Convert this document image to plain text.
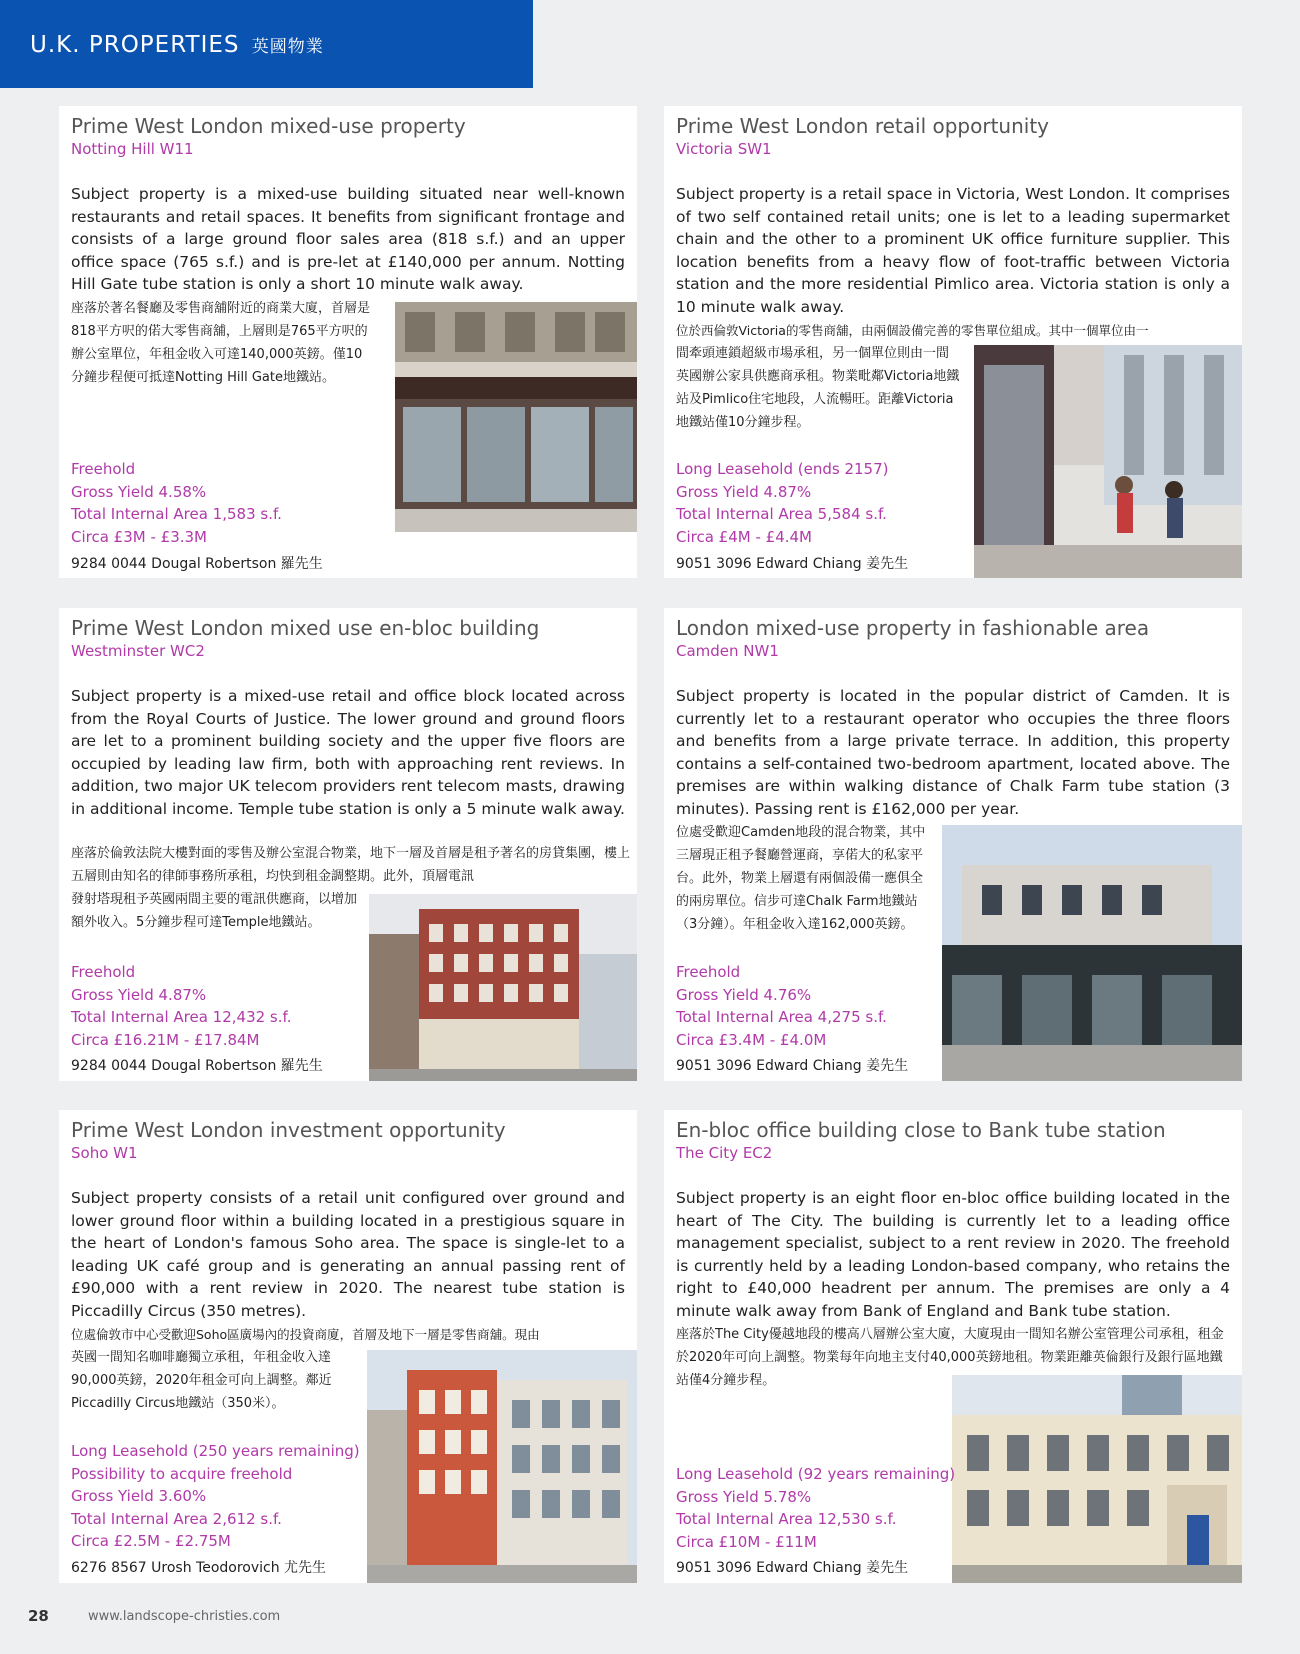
U.K. PROPERTIES 英國物業
Prime West London mixed-use property
Notting Hill W11

Subject property is a mixed-use building situated near well-known restaurants and retail spaces. It benefits from significant frontage and consists of a large ground floor sales area (818 s.f.) and an upper office space (765 s.f.) and is pre-let at £140,000 per annum. Notting Hill Gate tube station is only a short 10 minute walk away.

座落於著名餐廳及零售商舖附近的商業大廈，首層是818平方呎的偌大零售商舖，上層則是765平方呎的辦公室單位，年租金收入可達140,000英鎊。僅10分鐘步程便可抵達Notting Hill Gate地鐵站。

Freehold
Gross Yield 4.58%
Total Internal Area 1,583 s.f.
Circa £3M - £3.3M
9284 0044 Dougal Robertson 羅先生
Prime West London retail opportunity
Victoria SW1

Subject property is a retail space in Victoria, West London. It comprises of two self contained retail units; one is let to a leading supermarket chain and the other to a prominent UK office furniture supplier. This location benefits from a heavy flow of foot-traffic between Victoria station and the more residential Pimlico area. Victoria station is only a 10 minute walk away.

位於西倫敦Victoria的零售商舖，由兩個設備完善的零售單位組成。其中一個單位由一

間牽頭連鎖超級市場承租，另一個單位則由一間英國辦公家具供應商承租。物業毗鄰Victoria地鐵站及Pimlico住宅地段，人流暢旺。距離Victoria地鐵站僅10分鐘步程。

Long Leasehold (ends 2157)
Gross Yield 4.87%
Total Internal Area 5,584 s.f.
Circa £4M - £4.4M
9051 3096 Edward Chiang 姜先生
Prime West London mixed use en-bloc building
Westminster WC2

Subject property is a mixed-use retail and office block located across from the Royal Courts of Justice. The lower ground and ground floors are let to a prominent building society and the upper five floors are occupied by leading law firm, both with approaching rent reviews. In addition, two major UK telecom providers rent telecom masts, drawing in additional income. Temple tube station is only a 5 minute walk away.

座落於倫敦法院大樓對面的零售及辦公室混合物業，地下一層及首層是租予著名的房貸集團，樓上五層則由知名的律師事務所承租，均快到租金調整期。此外，頂層電訊

發射塔現租予英國兩間主要的電訊供應商，以增加額外收入。5分鐘步程可達Temple地鐵站。

Freehold
Gross Yield 4.87%
Total Internal Area 12,432 s.f.
Circa £16.21M - £17.84M
9284 0044 Dougal Robertson 羅先生
London mixed-use property in fashionable area
Camden NW1

Subject property is located in the popular district of Camden. It is currently let to a restaurant operator who occupies the three floors and benefits from a large private terrace. In addition, this property contains a self-contained two-bedroom apartment, located above. The premises are within walking distance of Chalk Farm tube station (3 minutes). Passing rent is £162,000 per year.

位處受歡迎Camden地段的混合物業，其中三層現正租予餐廳營運商，享偌大的私家平台。此外，物業上層還有兩個設備一應俱全的兩房單位。信步可達Chalk Farm地鐵站（3分鐘）。年租金收入達162,000英鎊。

Freehold
Gross Yield 4.76%
Total Internal Area 4,275 s.f.
Circa £3.4M - £4.0M
9051 3096 Edward Chiang 姜先生
Prime West London investment opportunity
Soho W1

Subject property consists of a retail unit configured over ground and lower ground floor within a building located in a prestigious square in the heart of London's famous Soho area. The space is single-let to a leading UK café group and is generating an annual passing rent of £90,000 with a rent review in 2020. The nearest tube station is Piccadilly Circus (350 metres).

位處倫敦市中心受歡迎Soho區廣場內的投資商廈，首層及地下一層是零售商舖。現由

英國一間知名咖啡廳獨立承租，年租金收入達90,000英鎊，2020年租金可向上調整。鄰近Piccadilly Circus地鐵站（350米）。

Long Leasehold (250 years remaining)
Possibility to acquire freehold
Gross Yield 3.60%
Total Internal Area 2,612 s.f.
Circa £2.5M - £2.75M
6276 8567 Urosh Teodorovich 尤先生
En-bloc office building close to Bank tube station
The City EC2

Subject property is an eight floor en-bloc office building located in the heart of The City. The building is currently let to a leading office management specialist, subject to a rent review in 2020. The freehold is currently held by a leading London-based company, who retains the right to £40,000 headrent per annum. The premises are only a 4 minute walk away from Bank of England and Bank tube station.

座落於The City優越地段的樓高八層辦公室大廈，大廈現由一間知名辦公室管理公司承租，租金於2020年可向上調整。物業每年向地主支付40,000英鎊地租。物業距離英倫銀行及銀行區地鐵站僅4分鐘步程。

Long Leasehold (92 years remaining)
Gross Yield 5.78%
Total Internal Area 12,530 s.f.
Circa £10M - £11M
9051 3096 Edward Chiang 姜先生
28	www.landscope-christies.com
